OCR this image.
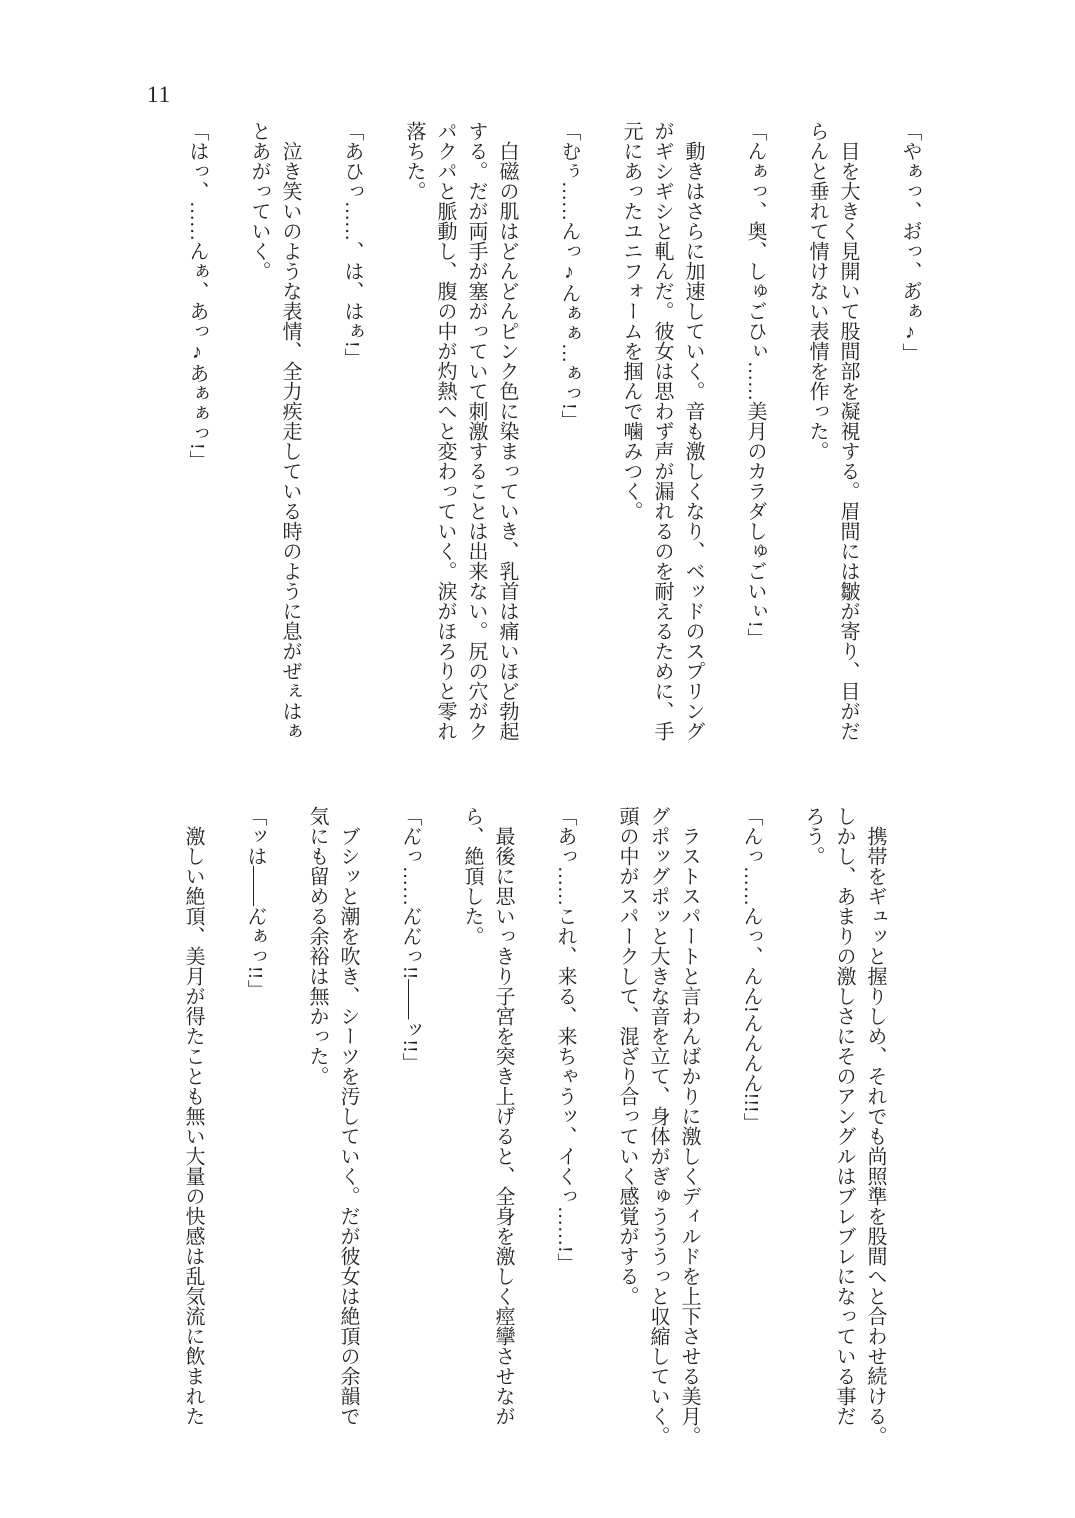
11
「やぁっ、お゙っ、あ゙ぁ♪」
目を大きく見開いて股間部を凝視する。眉間には皺が寄り、目がだ
らんと垂れて情けない表情を作った。
「んぁっ、奥、しゅごひぃ……美月のカラダしゅごいぃ!」
動きはさらに加速していく。音も激しくなり、ベッドのスプリング
がギシギシと軋んだ。彼女は思わず声が漏れるのを耐えるために、手
元にあったユニフォームを掴んで噛みつく。
「むぅ……んっ♪んぁぁ…ぁっ!」
白磁の肌はどんどんピンク色に染まっていき、乳首は痛いほど勃起
する。だが両手が塞がっていて刺激することは出来ない。尻の穴がク
パクパと脈動し、腹の中が灼熱へと変わっていく。涙がほろりと零れ
落ちた。
「あひっ……、は、はぁ!」
泣き笑いのような表情、全力疾走している時のように息がぜぇはぁ
とあがっていく。
「はっ、……んぁ、あっ♪あぁぁっ!」
携帯をギュッと握りしめ、それでも尚照準を股間へと合わせ続ける。
しかし、あまりの激しさにそのアングルはブレブレになっている事だ
ろう。
「んっ……んっ、んん!んんんん!!!」
ラストスパートと言わんばかりに激しくディルドを上下させる美月。
グポッグポッと大きな音を立て、身体がぎゅうううっと収縮していく。
頭の中がスパークして、混ざり合っていく感覚がする。
「あっ……これ、来る、来ちゃうッ、イくっ……!」
最後に思いっきり子宮を突き上げると、全身を激しく痙攣させなが
ら、絶頂した。
「ん゙っ……ん゙ん゙っ!!――ッ!!」
ブシッと潮を吹き、シーツを汚していく。だが彼女は絶頂の余韻で
気にも留める余裕は無かった。
「ッは――ん゙ぁっ!!」
激しい絶頂、美月が得たことも無い大量の快感は乱気流に飲まれた
